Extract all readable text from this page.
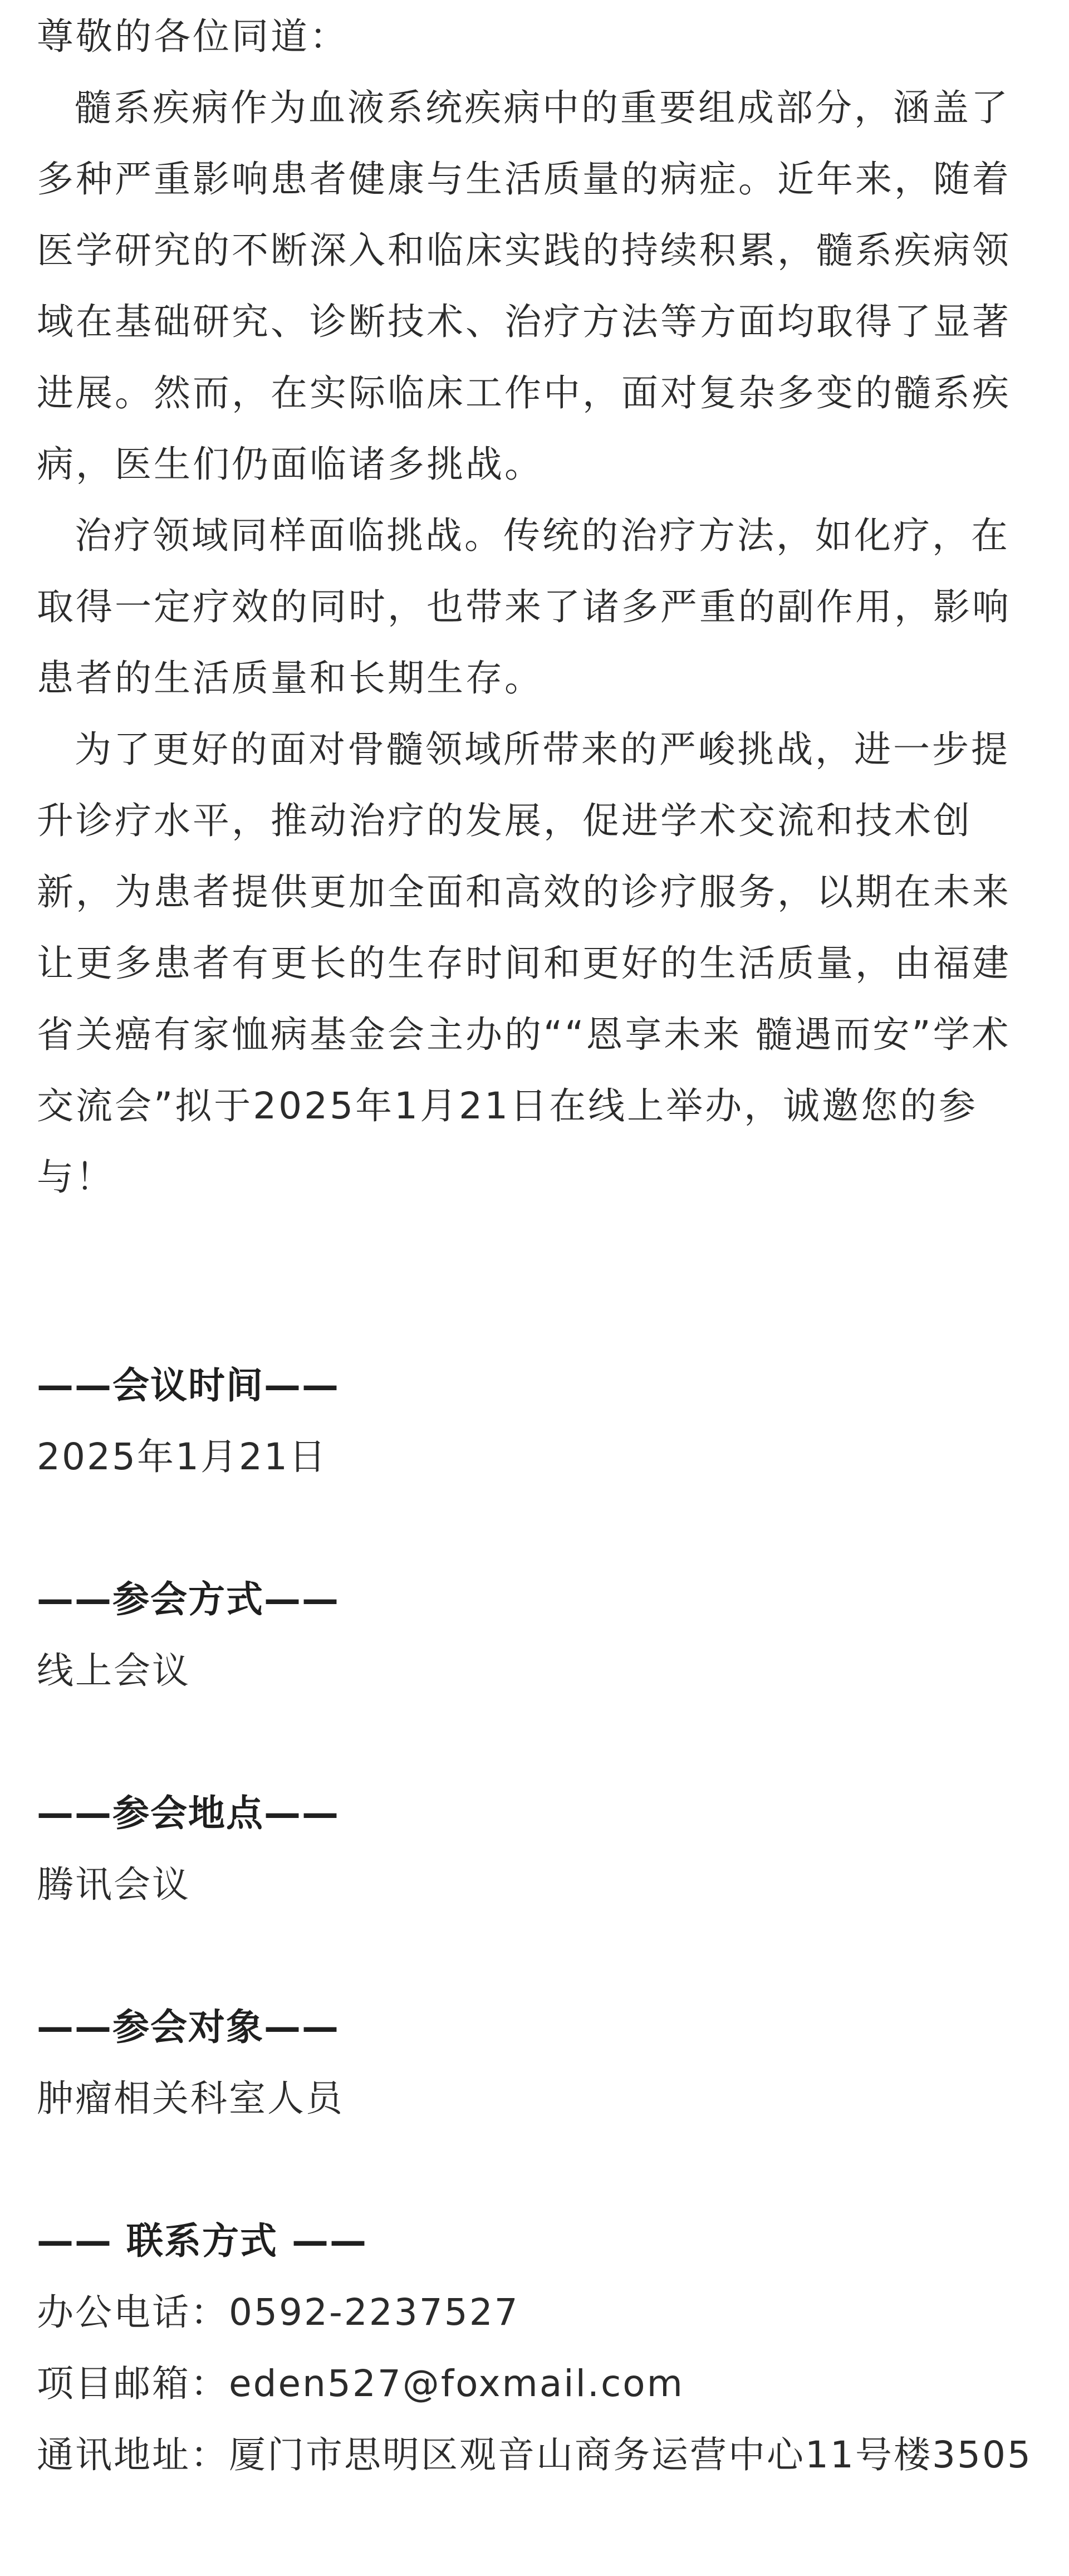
尊敬的各位同道：

髓系疾病作为血液系统疾病中的重要组成部分，涵盖了多种严重影响患者健康与生活质量的病症。近年来，随着医学研究的不断深入和临床实践的持续积累，髓系疾病领域在基础研究、诊断技术、治疗方法等方面均取得了显著进展。然而，在实际临床工作中，面对复杂多变的髓系疾病，医生们仍面临诸多挑战。

治疗领域同样面临挑战。传统的治疗方法，如化疗，在取得一定疗效的同时，也带来了诸多严重的副作用，影响患者的生活质量和长期生存。

为了更好的面对骨髓领域所带来的严峻挑战，进一步提升诊疗水平，推动治疗的发展，促进学术交流和技术创新，为患者提供更加全面和高效的诊疗服务，以期在未来让更多患者有更长的生存时间和更好的生活质量，由福建省关癌有家恤病基金会主办的““恩享未来 髓遇而安”学术交流会”拟于2025年1月21日在线上举办，诚邀您的参与！

——会议时间——

2025年1月21日

——参会方式——

线上会议

——参会地点——

腾讯会议

——参会对象——

肿瘤相关科室人员

—— 联系方式 ——

办公电话：0592-2237527

项目邮箱：eden527@foxmail.com

通讯地址：厦门市思明区观音山商务运营中心11号楼3505
